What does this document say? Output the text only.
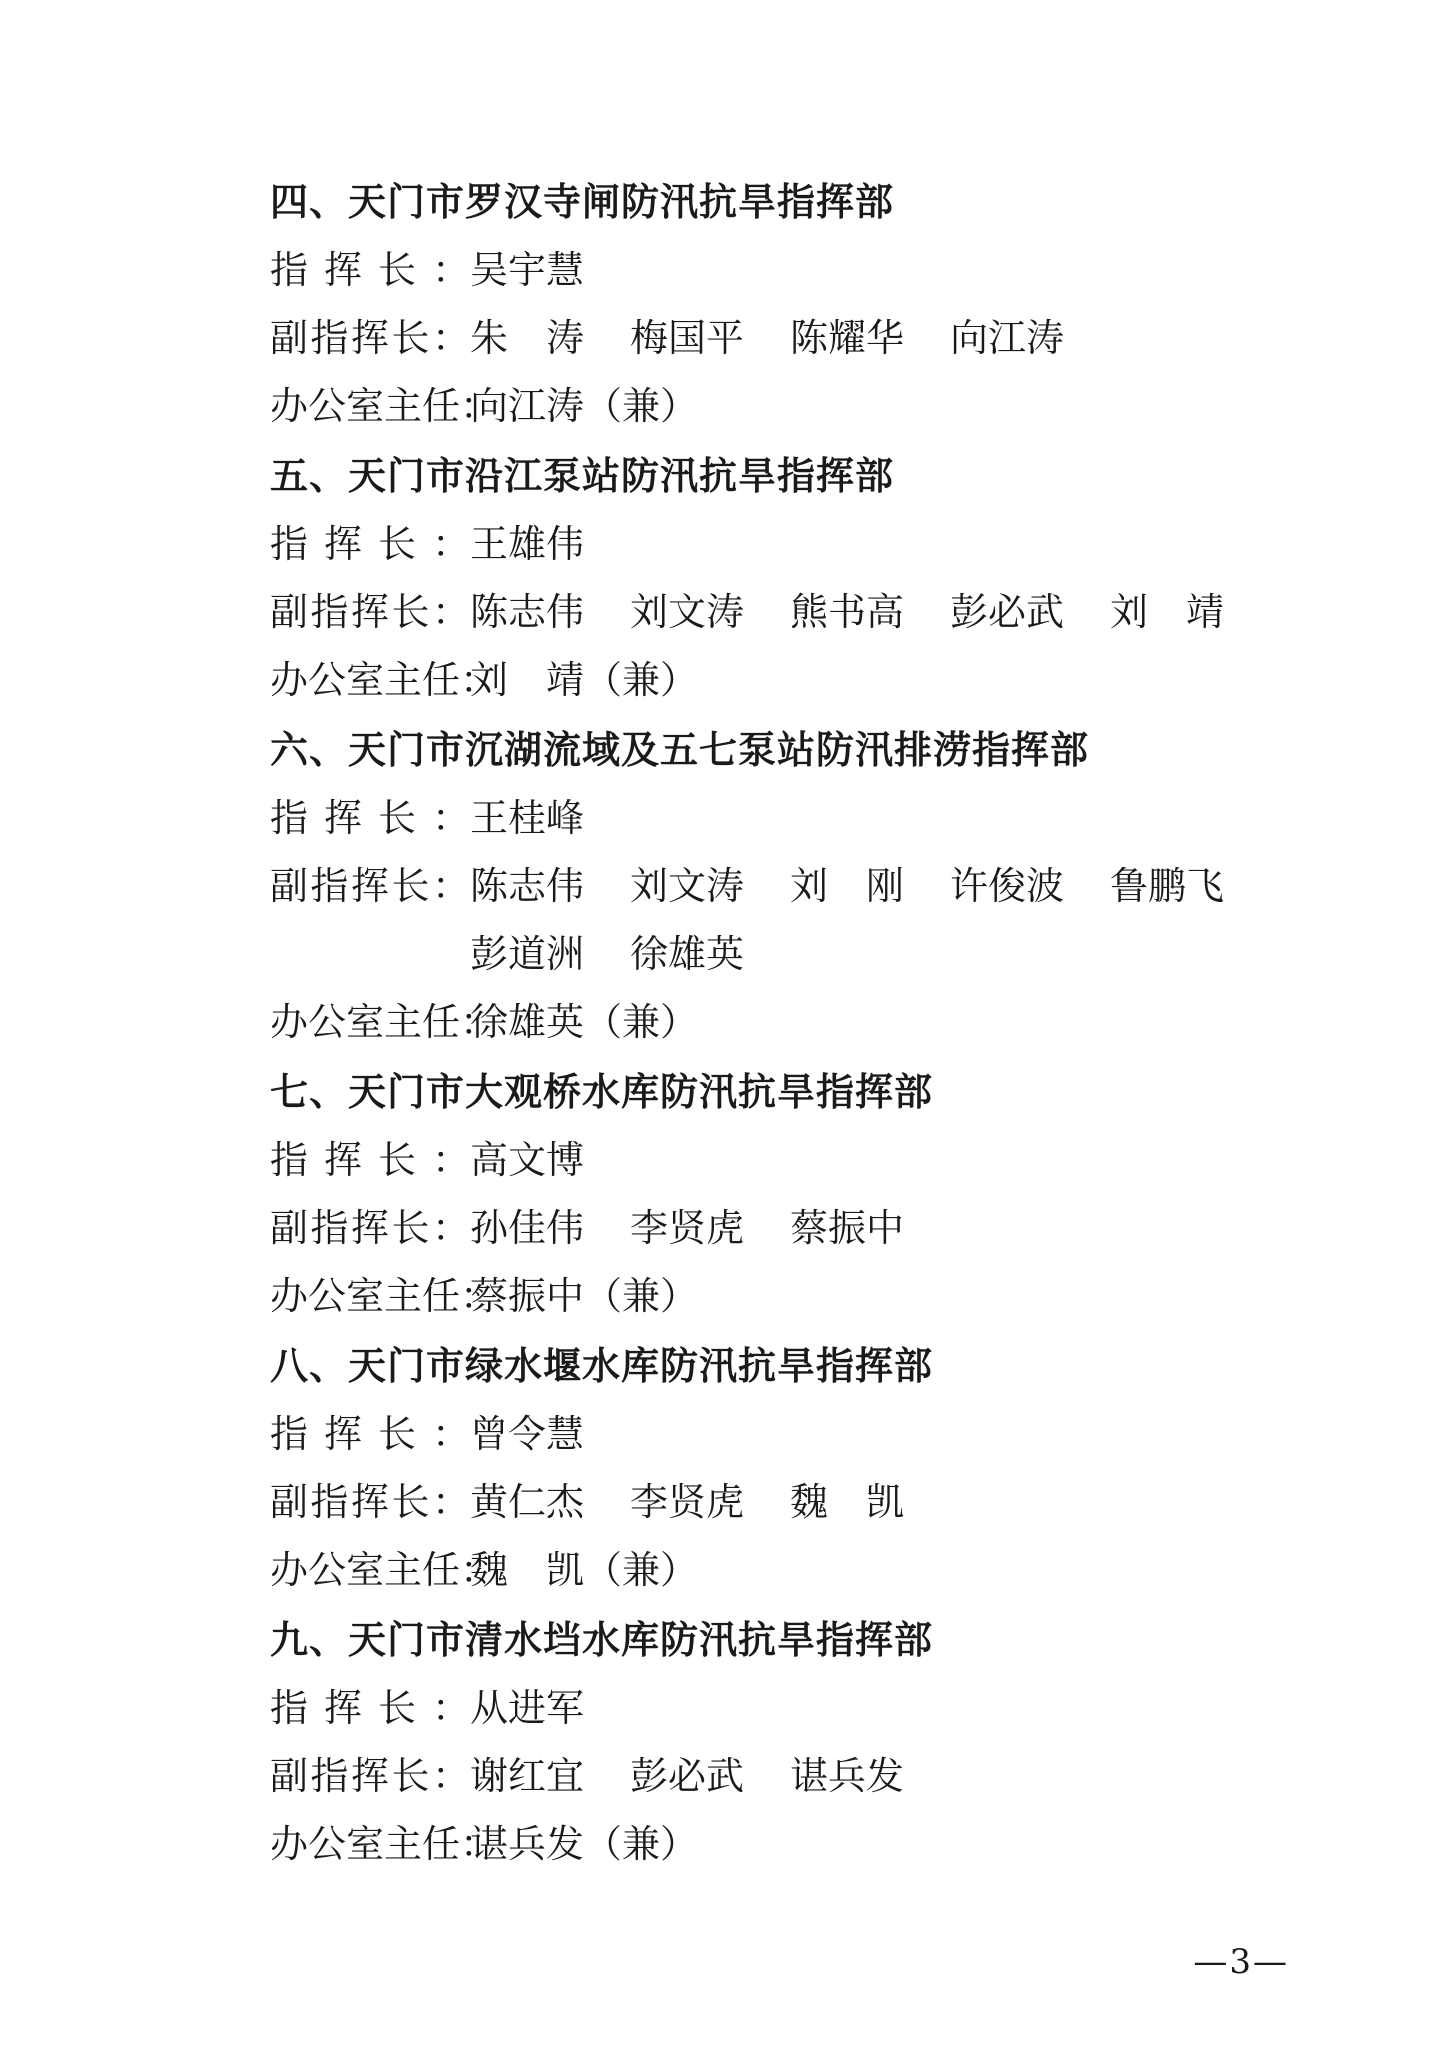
四、天门市罗汉寺闸防汛抗旱指挥部
指挥长：吴宇慧
副指挥长：朱　涛 梅国平 陈耀华 向江涛
办公室主任：向江涛（兼）
五、天门市沿江泵站防汛抗旱指挥部
指挥长：王雄伟
副指挥长：陈志伟 刘文涛 熊书高 彭必武 刘　靖
办公室主任：刘　靖（兼）
六、天门市沉湖流域及五七泵站防汛排涝指挥部
指挥长：王桂峰
副指挥长：陈志伟 刘文涛 刘　刚 许俊波 鲁鹏飞
彭道洲 徐雄英
办公室主任：徐雄英（兼）
七、天门市大观桥水库防汛抗旱指挥部
指挥长：高文博
副指挥长：孙佳伟 李贤虎 蔡振中
办公室主任：蔡振中（兼）
八、天门市绿水堰水库防汛抗旱指挥部
指挥长：曾令慧
副指挥长：黄仁杰 李贤虎 魏　凯
办公室主任：魏　凯（兼）
九、天门市清水垱水库防汛抗旱指挥部
指挥长：从进军
副指挥长：谢红宜 彭必武 谌兵发
办公室主任：谌兵发（兼）
—3—
